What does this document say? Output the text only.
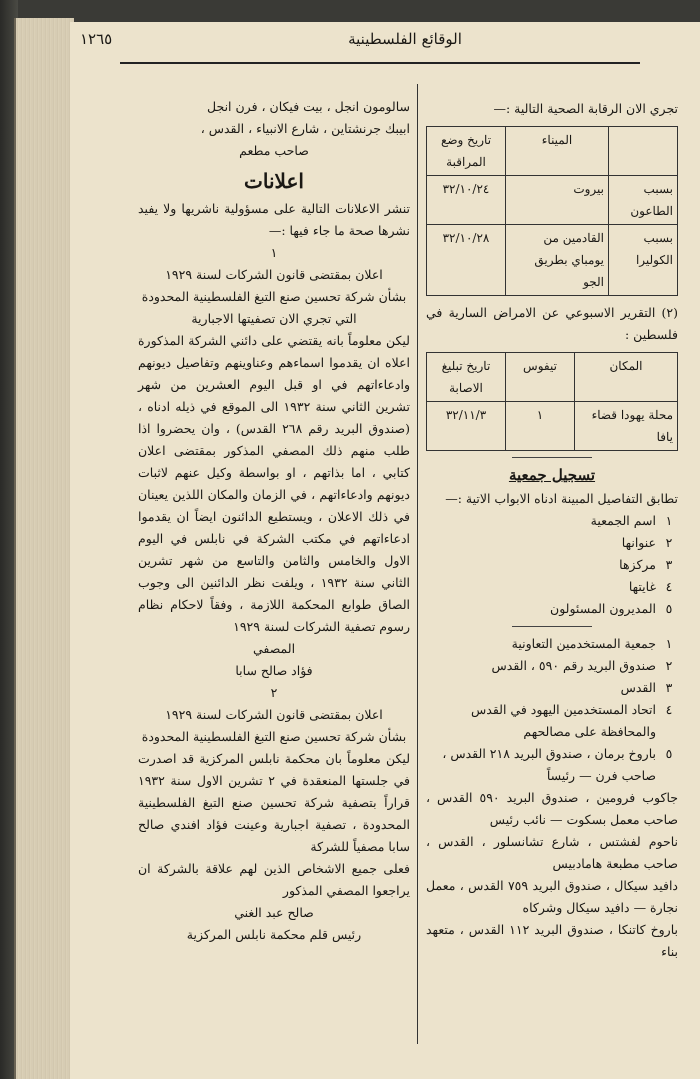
الوقائع الفلسطينية
١٢٦٥

سالومون انجل ، بيت فيكان ، فرن انجل

ابيبك جرنشتاين ، شارع الانبياء ، القدس ،

صاحب مطعم

اعلانات

تنشر الاعلانات التالية على مسؤولية ناشريها ولا يفيد نشرها صحة ما جاء فيها :—

١

اعلان بمقتضى قانون الشركات لسنة ١٩٢٩

بشأن شركة تحسين صنع التبغ الفلسطينية المحدودة

التي تجري الان تصفيتها الاجبارية

ليكن معلوماً بانه يقتضي على دائني الشركة المذكورة اعلاه ان يقدموا اسماءهم وعناوينهم وتفاصيل ديونهم وادعاءاتهم في او قبل اليوم العشرين من شهر تشرين الثاني سنة ١٩٣٢ الى الموقع في ذيله ادناه ، (صندوق البريد رقم ٢٦٨ القدس) ، وان يحضروا اذا طلب منهم ذلك المصفي المذكور بمقتضى اعلان كتابي ، اما بذاتهم ، او بواسطة وكيل عنهم لاثبات ديونهم وادعاءاتهم ، في الزمان والمكان اللذين يعينان في ذلك الاعلان ، ويستطيع الدائنون ايضاً ان يقدموا ادعاءاتهم في مكتب الشركة في نابلس في اليوم الاول والخامس والثامن والتاسع من شهر تشرين الثاني سنة ١٩٣٢ ، ويلفت نظر الدائنين الى وجوب الصاق طوابع المحكمة اللازمة ، وفقاً لاحكام نظام رسوم تصفية الشركات لسنة ١٩٢٩

المصفي

فؤاد صالح سابا

٢

اعلان بمقتضى قانون الشركات لسنة ١٩٢٩

بشأن شركة تحسين صنع التبغ الفلسطينية المحدودة

ليكن معلوماً بان محكمة نابلس المركزية قد اصدرت في جلستها المنعقدة في ٢ تشرين الاول سنة ١٩٣٢ قراراً بتصفية شركة تحسين صنع التبغ الفلسطينية المحدودة ، تصفية اجبارية وعينت فؤاد افندي صالح سابا مصفياً للشركة

فعلى جميع الاشخاص الذين لهم علاقة بالشركة ان يراجعوا المصفي المذكور

صالح عبد الغني

رئيس قلم محكمة نابلس المركزية

تجري الان الرقابة الصحية التالية :—

	الميناء	تاريخ وضع المراقبة
بسبب الطاعون	بيروت	٣٢/١٠/٢٤
بسبب الكوليرا	القادمين من يومباي بطريق الجو	٣٢/١٠/٢٨

(٢) التقرير الاسبوعي عن الامراض السارية في فلسطين :

المكان	تيفوس	تاريخ تبليغ الاصابة
محلة يهودا قضاء يافا	١	٣٢/١١/٣
تسجيل جمعية

تطابق التفاصيل المبينة ادناه الابواب الاتية :—

١
اسم الجمعية
٢
عنوانها
٣
مركزها
٤
غايتها
٥
المديرون المسئولون
١
جمعية المستخدمين التعاونية
٢
صندوق البريد رقم ٥٩٠ ، القدس
٣
القدس
٤
اتحاد المستخدمين اليهود في القدس والمحافظة على مصالحهم
٥
باروخ برمان ، صندوق البريد ٢١٨ القدس ، صاحب فرن — رئيساً

جاكوب فرومين ، صندوق البريد ٥٩٠ القدس ، صاحب معمل بسكوت — نائب رئيس

ناحوم لفشتس ، شارع تشانسلور ، القدس ، صاحب مطبعة هامادبيس

دافيد سيكال ، صندوق البريد ٧٥٩ القدس ، معمل نجارة — دافيد سيكال وشركاه

باروخ كاتنكا ، صندوق البريد ١١٢ القدس ، متعهد بناء
